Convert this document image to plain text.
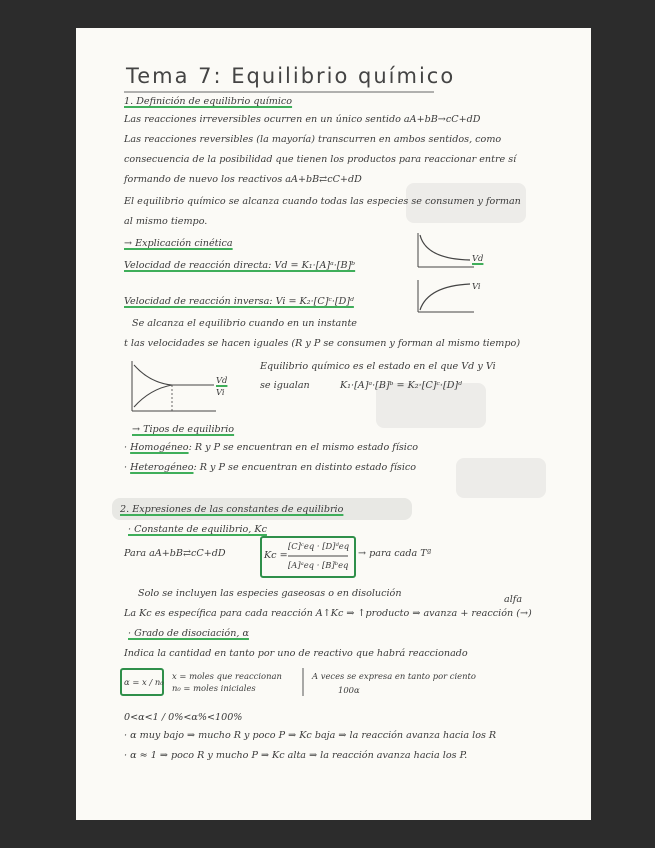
Tema 7: Equilibrio químico
1. Definición de equilibrio químico
Las reacciones irreversibles ocurren en un único sentido aA+bB→cC+dD
Las reacciones reversibles (la mayoría) transcurren en ambos sentidos, como
consecuencia de la posibilidad que tienen los productos para reaccionar entre sí
formando de nuevo los reactivos aA+bB⇄cC+dD
El equilibrio químico se alcanza cuando todas las especies se consumen y forman
al mismo tiempo.
→ Explicación cinética
Velocidad de reacción directa: Vd = K₁·[A]ᵃ·[B]ᵇ
Velocidad de reacción inversa: Vi = K₂·[C]ᶜ·[D]ᵈ
Vd
Vi
Se alcanza el equilibrio cuando en un instante
t las velocidades se hacen iguales (R y P se consumen y forman al mismo tiempo)
Vd
Vi
Equilibrio químico es el estado en el que Vd y Vi
se igualan	K₁·[A]ᵃ·[B]ᵇ = K₂·[C]ᶜ·[D]ᵈ
→ Tipos de equilibrio
· Homogéneo: R y P se encuentran en el mismo estado físico
· Heterogéneo: R y P se encuentran en distinto estado físico
2. Expresiones de las constantes de equilibrio
· Constante de equilibrio, Kc
Para aA+bB⇄cC+dD	Kc =
[C]ᶜeq · [D]ᵈeq
[A]ᵃeq · [B]ᵇeq
→ para cada Tª
Solo se incluyen las especies gaseosas o en disolución
alfa
La Kc es específica para cada reacción A↑Kc ⇒ ↑producto ⇒ avanza + reacción (→)
· Grado de disociación, α
Indica la cantidad en tanto por uno de reactivo que habrá reaccionado
α = x / n₀
x = moles que reaccionan
n₀ = moles iniciales
A veces se expresa en tanto por ciento
100α
0<α<1 / 0%<α%<100%
· α muy bajo ⇒ mucho R y poco P ⇒ Kc baja ⇒ la reacción avanza hacia los R
· α ≈ 1 ⇒ poco R y mucho P ⇒ Kc alta ⇒ la reacción avanza hacia los P.
